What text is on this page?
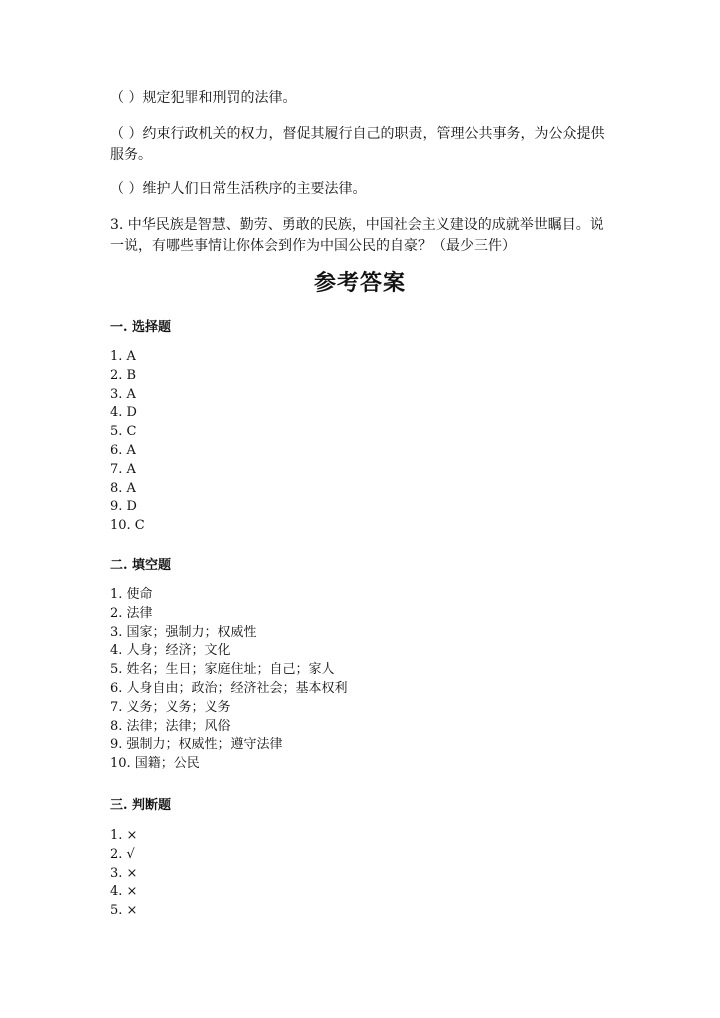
（ ）规定犯罪和刑罚的法律。

（ ）约束行政机关的权力，督促其履行自己的职责，管理公共事务，为公众提供服务。

（ ）维护人们日常生活秩序的主要法律。

3. 中华民族是智慧、勤劳、勇敢的民族，中国社会主义建设的成就举世瞩目。说一说，有哪些事情让你体会到作为中国公民的自豪？（最少三件）

参考答案
一. 选择题
1. A
2. B
3. A
4. D
5. C
6. A
7. A
8. A
9. D
10. C
二. 填空题
1. 使命
2. 法律
3. 国家；强制力；权威性
4. 人身；经济；文化
5. 姓名；生日；家庭住址；自己；家人
6. 人身自由；政治；经济社会；基本权利
7. 义务；义务；义务
8. 法律；法律；风俗
9. 强制力；权威性；遵守法律
10. 国籍；公民
三. 判断题
1. ×
2. √
3. ×
4. ×
5. ×
